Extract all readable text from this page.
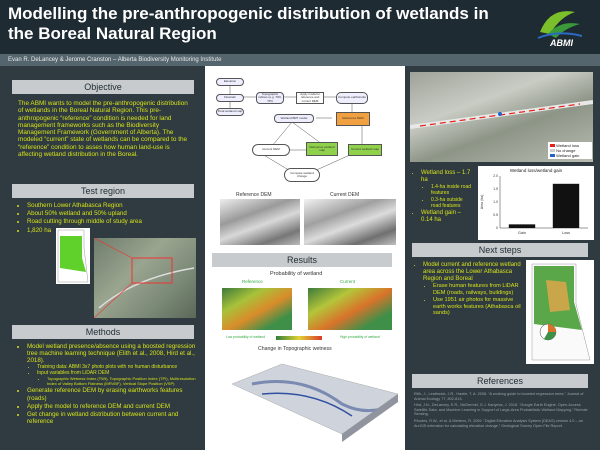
Modelling the pre-anthropogenic distribution of wetlands in
the Boreal Natural Region	ABMI
Evan R. DeLancey & Jerome Cranston – Alberta Biodiversity Monitoring Institute
Objective
The ABMI wants to model the pre-anthropogenic distribution of wetlands in the Boreal Natural Region. This pre-anthropogenic “reference” condition is needed for land management frameworks such as the Biodiversity Management Framework (Government of Alberta). The modeled “current” state of wetlands can be compared to the “reference” condition to asses how human land-use is affecting wetland distribution in the Boreal.
Test region
• Southern Lower Athabasca Region
• About 50% wetland and 50% upland
• Road cutting through middle of study area
• 1,820 ha
Methods
• Model wetland presence/absence using a boosted regression tree machine learning technique (Elith et al., 2008, Hird et al., 2018).
• Training data: ABMI 3x7 photo plots with no human disturbance
• Input variables from LiDAR DEM
• Topographic Wetness Index (TWI), Topographic Position Index (TPI), Multiresolution Index of Valley Bottom Flatness (MRVBF), Vertical Slope Position (VSP)
• Generate reference DEM by erasing earthworks features (roads)
• Apply the model to reference DEM and current DEM
• Get change in wetland distribution between current and reference
Elevation
Flowcalc
Topographic indices (e.g. TWI, TPI)
Apply model to reference and current DEM
Compute earthworks
Final wetland map
Wetland BRT model	Reference DEM
Current DEM
Reference wetland map	Current wetland map
Compare wetland change
Reference DEM	Current DEM
Results
Probability of wetland
Reference	Current
Low probability of wetland	High probability of wetland
Change in Topographic wetness
Wetland loss
No change
Wetland gain
• Wetland loss – 1.7 ha
• 1.4-ha inside road features
• 0.3-ha outside road features
• Wetland gain – 0.14 ha
Wetland loss/wetland gain
0
0.5
1.0
1.5
2.0
Area (ha)
Gain	Loss
Next steps
• Model current and reference wetland area across the Lower Athabasca Region and Boreal
• Erase human features from LiDAR DEM (roads, railways, buildings)
• Use 1951 air photos for massive earth works features (Athabasca oil sands)
References
Elith, J., Leathwick, J.R., Hastie, T. A. 2008. “A working guide to boosted regression trees.” Journal of Animal Ecology 77, 802-813.
Hird, J.N., DeLancey, E.R., McDermid, G.J. Kariyeva, J. 2018. “Google Earth Engine, Open-Access Satellite Data, and Machine Learning in Support of Large-Area Probabilistic Wetland Mapping.” Remote Sensing.
Rhodes, R.W., et al. & Mertens, R. 2009. “Digital Elevation Analysis System (DEAS) version 4.0 – an ArcGIS extension for calculating elevation change.” Geological Survey Open File Report.
